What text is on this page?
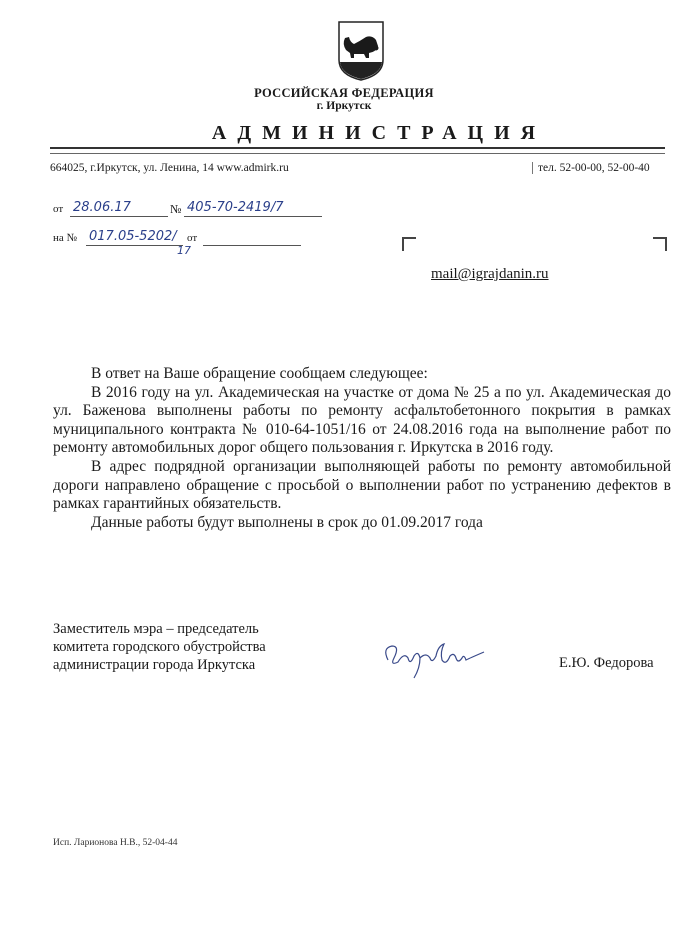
РОССИЙСКАЯ ФЕДЕРАЦИЯ
г. Иркутск
АДМИНИСТРАЦИЯ
664025, г.Иркутск, ул. Ленина, 14 www.admirk.ru	тел. 52-00-00, 52-00-40
от 28.06.17	№ 405-70-2419/7
на № 017.05-5202/
17
от
mail@igrajdanin.ru

В ответ на Ваше обращение сообщаем следующее:

В 2016 году на ул. Академическая на участке от дома № 25 а по ул. Академическая до ул. Баженова выполнены работы по ремонту асфальтобетонного покрытия в рамках муниципального контракта № 010-64-1051/16 от 24.08.2016 года на выполнение работ по ремонту автомобильных дорог общего пользования г. Иркутска в 2016 году.

В адрес подрядной организации выполняющей работы по ремонту автомобильной дороги направлено обращение с просьбой о выполнении работ по устранению дефектов в рамках гарантийных обязательств.

Данные работы будут выполнены в срок до 01.09.2017 года

Заместитель мэра – председатель
комитета городского обустройства
администрации города Иркутска	Е.Ю. Федорова
Исп. Ларионова Н.В., 52-04-44
